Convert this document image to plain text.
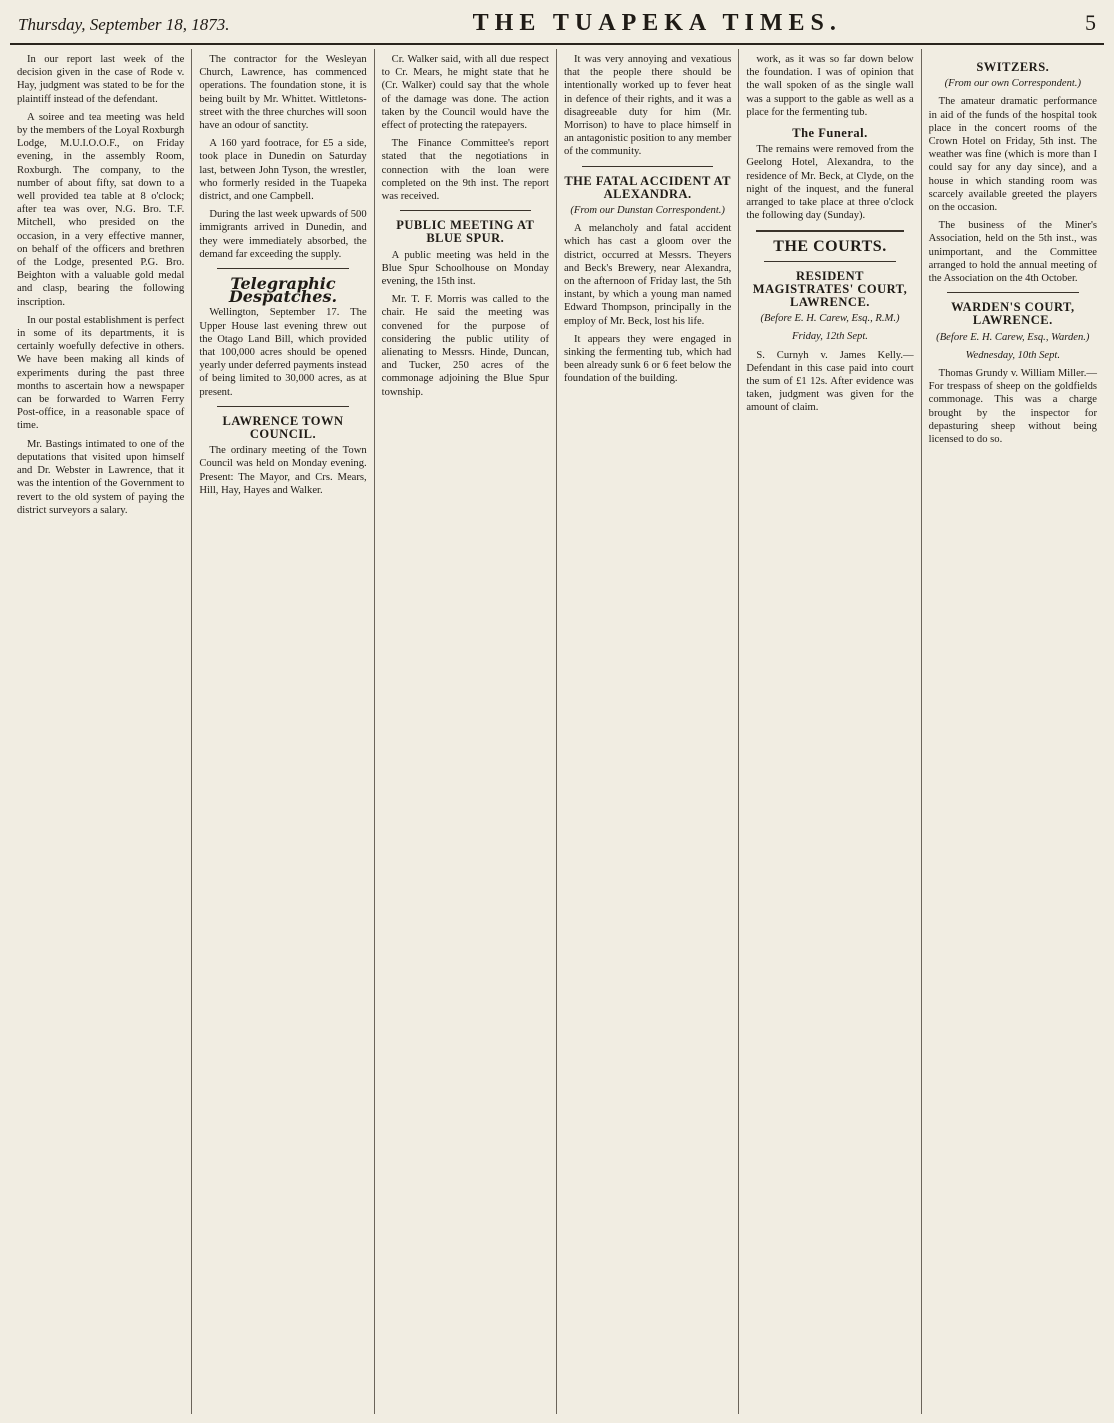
Thursday, September 18, 1873.	THE TUAPEKA TIMES.	5

In our report last week of the decision given in the case of Rode v. Hay, judgment was stated to be for the plaintiff instead of the defendant.

A soiree and tea meeting was held by the members of the Loyal Roxburgh Lodge, M.U.I.O.O.F., on Friday evening, in the assembly Room, Roxburgh. The company, to the number of about fifty, sat down to a well provided tea table at 8 o'clock; after tea was over, N.G. Bro. T.F. Mitchell, who presided on the occasion, in a very effective manner, on behalf of the officers and brethren of the Lodge, presented P.G. Bro. Beighton with a valuable gold medal and clasp, bearing the following inscription.

In our postal establishment is perfect in some of its departments, it is certainly woefully defective in others. We have been making all kinds of experiments during the past three months to ascertain how a newspaper can be forwarded to Warren Ferry Post-office, in a reasonable space of time.

Mr. Bastings intimated to one of the deputations that visited upon himself and Dr. Webster in Lawrence, that it was the intention of the Government to revert to the old system of paying the district surveyors a salary.

The contractor for the Wesleyan Church, Lawrence, has commenced operations. The foundation stone, it is being built by Mr. Whittet. Wittletons-street with the three churches will soon have an odour of sanctity.

A 160 yard footrace, for £5 a side, took place in Dunedin on Saturday last, between John Tyson, the wrestler, who formerly resided in the Tuapeka district, and one Campbell.

During the last week upwards of 500 immigrants arrived in Dunedin, and they were immediately absorbed, the demand far exceeding the supply.

Telegraphic Despatches.

Wellington, September 17. The Upper House last evening threw out the Otago Land Bill, which provided that 100,000 acres should be opened yearly under deferred payments instead of being limited to 30,000 acres, as at present.

LAWRENCE TOWN COUNCIL.

The ordinary meeting of the Town Council was held on Monday evening. Present: The Mayor, and Crs. Mears, Hill, Hay, Hayes and Walker.

Cr. Walker said, with all due respect to Cr. Mears, he might state that he (Cr. Walker) could say that the whole of the damage was done. The action taken by the Council would have the effect of protecting the ratepayers.

The Finance Committee's report stated that the negotiations in connection with the loan were completed on the 9th inst. The report was received.

PUBLIC MEETING AT BLUE SPUR.

A public meeting was held in the Blue Spur Schoolhouse on Monday evening, the 15th inst.

Mr. T. F. Morris was called to the chair. He said the meeting was convened for the purpose of considering the public utility of alienating to Messrs. Hinde, Duncan, and Tucker, 250 acres of the commonage adjoining the Blue Spur township.

It was very annoying and vexatious that the people there should be intentionally worked up to fever heat in defence of their rights, and it was a disagreeable duty for him (Mr. Morrison) to have to place himself in an antagonistic position to any member of the community.

THE FATAL ACCIDENT AT ALEXANDRA.
(From our Dunstan Correspondent.)

A melancholy and fatal accident which has cast a gloom over the district, occurred at Messrs. Theyers and Beck's Brewery, near Alexandra, on the afternoon of Friday last, the 5th instant, by which a young man named Edward Thompson, principally in the employ of Mr. Beck, lost his life.

It appears they were engaged in sinking the fermenting tub, which had been already sunk 6 or 6 feet below the foundation of the building.

work, as it was so far down below the foundation. I was of opinion that the wall spoken of as the single wall was a support to the gable as well as a place for the fermenting tub.

The Funeral.

The remains were removed from the Geelong Hotel, Alexandra, to the residence of Mr. Beck, at Clyde, on the night of the inquest, and the funeral arranged to take place at three o'clock the following day (Sunday).

THE COURTS.
RESIDENT MAGISTRATES' COURT, LAWRENCE.
(Before E. H. Carew, Esq., R.M.)
Friday, 12th Sept.

S. Curnyh v. James Kelly.—Defendant in this case paid into court the sum of £1 12s. After evidence was taken, judgment was given for the amount of claim.

SWITZERS.
(From our own Correspondent.)

The amateur dramatic performance in aid of the funds of the hospital took place in the concert rooms of the Crown Hotel on Friday, 5th inst. The weather was fine (which is more than I could say for any day since), and a house in which standing room was scarcely available greeted the players on the occasion.

The business of the Miner's Association, held on the 5th inst., was unimportant, and the Committee arranged to hold the annual meeting of the Association on the 4th October.

WARDEN'S COURT, LAWRENCE.
(Before E. H. Carew, Esq., Warden.)
Wednesday, 10th Sept.

Thomas Grundy v. William Miller.—For trespass of sheep on the goldfields commonage. This was a charge brought by the inspector for depasturing sheep without being licensed to do so.
